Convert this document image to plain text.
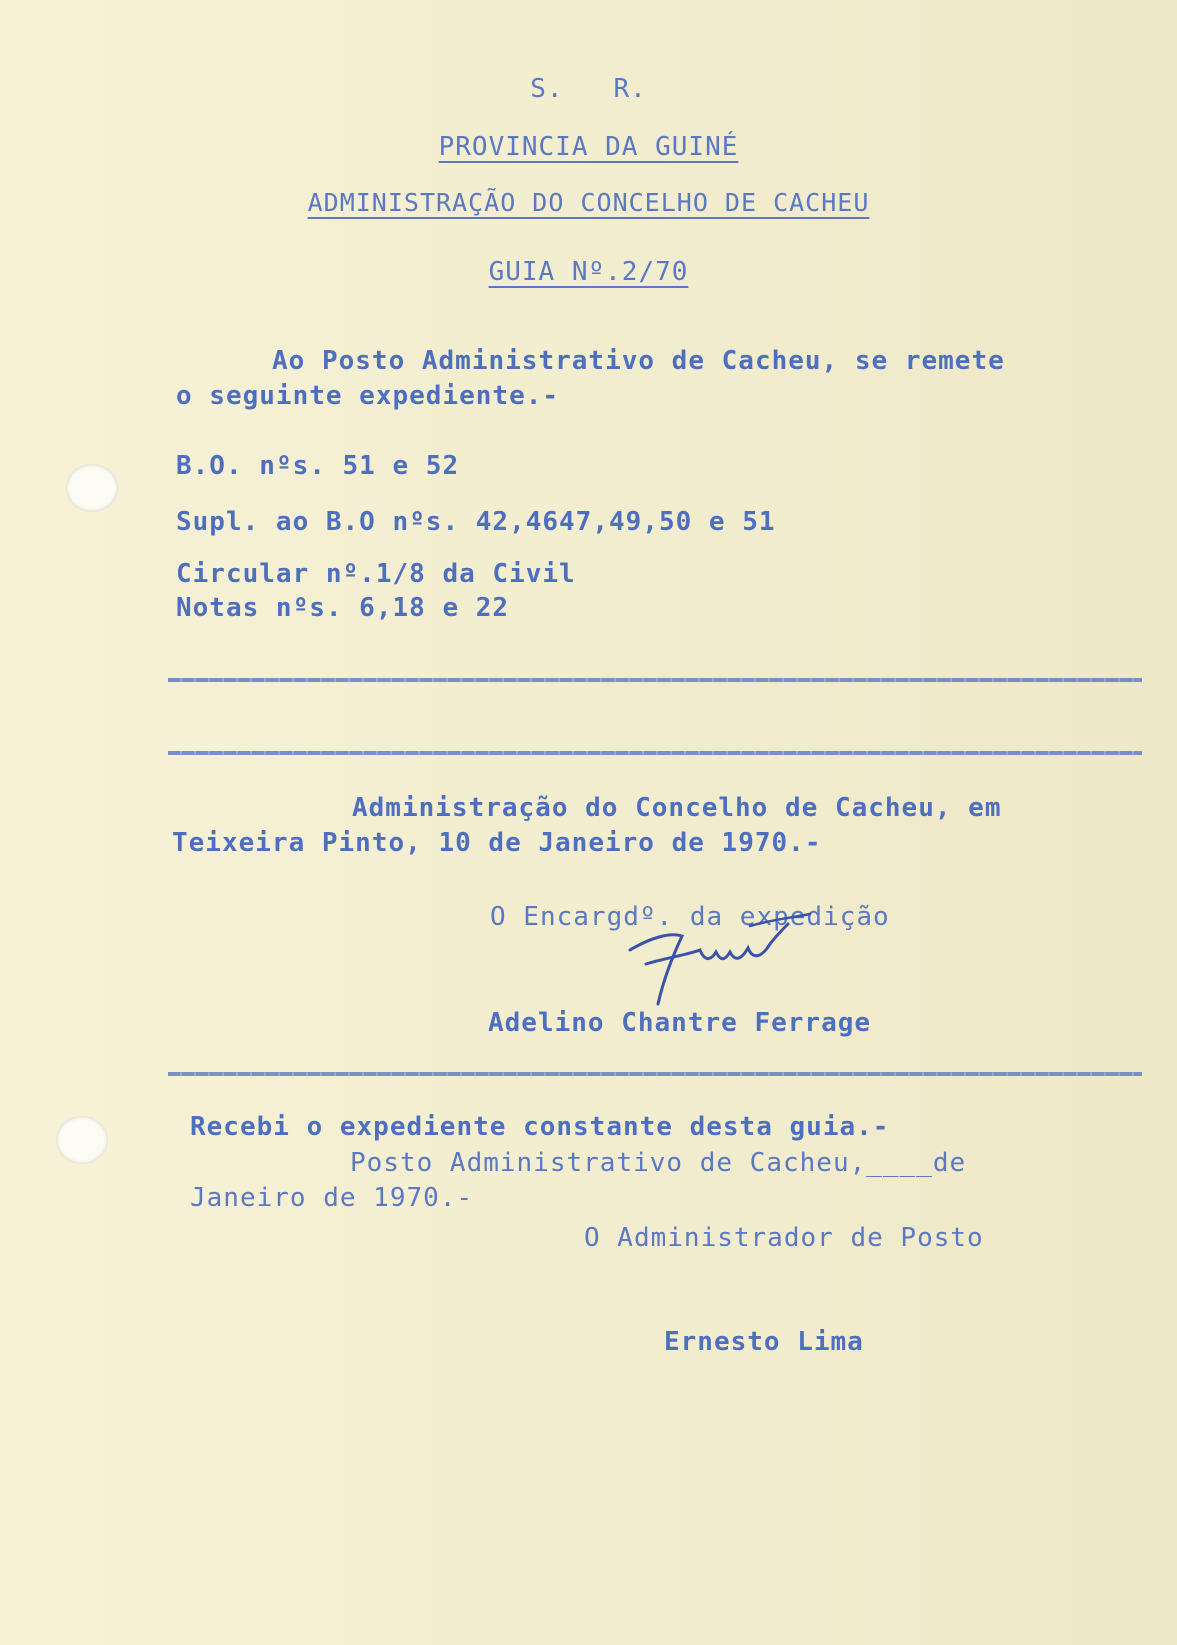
S.   R.
PROVINCIA DA GUINÉ
ADMINISTRAÇÃO DO CONCELHO DE CACHEU
GUIA Nº.2/70
Ao Posto Administrativo de Cacheu, se remete
o seguinte expediente.-
B.O. nºs. 51 e 52
Supl. ao B.O nºs. 42,4647,49,50 e 51
Circular nº.1/8 da Civil
Notas nºs. 6,18 e 22
Administração do Concelho de Cacheu, em
Teixeira Pinto, 10 de Janeiro de 1970.-
O Encargdº. da expedição
Adelino Chantre Ferrage
Recebi o expediente constante desta guia.-
Posto Administrativo de Cacheu,____de
Janeiro de 1970.-
O Administrador de Posto
Ernesto Lima
